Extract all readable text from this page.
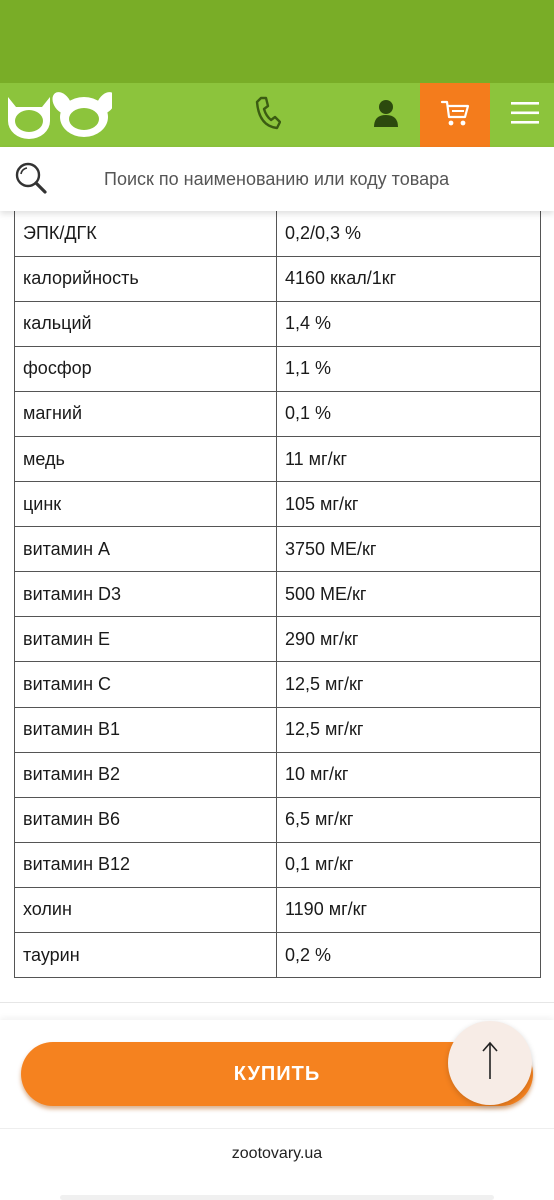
Поиск по наименованию или коду товара
ЭПК/ДГК	0,2/0,3 %
калорийность	4160 ккал/1кг
кальций	1,4 %
фосфор	1,1 %
магний	0,1 %
медь	11 мг/кг
цинк	105 мг/кг
витамин А	3750 МЕ/кг
витамин D3	500 МЕ/кг
витамин Е	290 мг/кг
витамин С	12,5 мг/кг
витамин В1	12,5 мг/кг
витамин В2	10 мг/кг
витамин В6	6,5 мг/кг
витамин В12	0,1 мг/кг
холин	1190 мг/кг
таурин	0,2 %
КУПИТЬ
zootovary.ua
